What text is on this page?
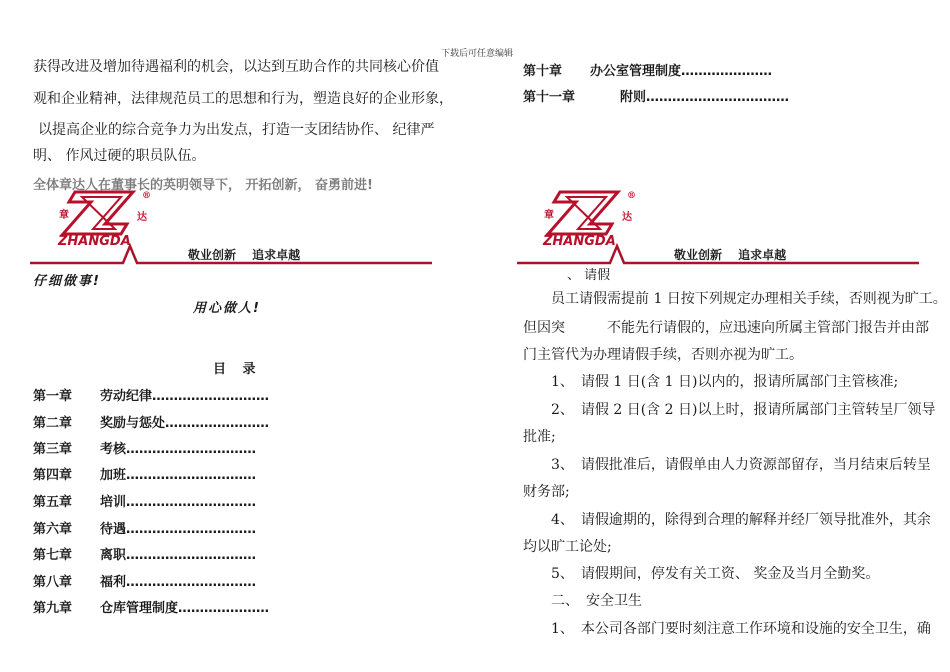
下载后可任意编辑
获得改进及增加待遇福利的机会，以达到互助合作的共同核心价值
观和企业精神，法律规范员工的思想和行为，塑造良好的企业形象，
以提高企业的综合竞争力为出发点，打造一支团结协作、 纪律严
明、 作风过硬的职员队伍。
全体章达人在董事长的英明领导下， 开拓创新， 奋勇前进!
章	达
®
ZHANGDA
敬业创新　 追求卓越
仔细做事!
用心做人!
目 录
第一章 劳动纪律………………………
第二章 奖励与惩处……………………
第三章 考核…………………………
第四章 加班…………………………
第五章 培训…………………………
第六章 待遇…………………………
第七章 离职…………………………
第八章 福利…………………………
第九章 仓库管理制度…………………
第十章 办公室管理制度…………………
第十一章	附则……………………………
章	达
®
ZHANGDA
敬业创新　 追求卓越
、 请假
员工请假需提前 1 日按下列规定办理相关手续，否则视为旷工。
但因突　　　不能先行请假的，应迅速向所属主管部门报告并由部
门主管代为办理请假手续，否则亦视为旷工。
1、　请假 1 日(含 1 日)以内的，报请所属部门主管核准;
2、　请假 2 日(含 2 日)以上时，报请所属部门主管转呈厂领导
批准;
3、　请假批准后，请假单由人力资源部留存，当月结束后转呈
财务部;
4、　请假逾期的，除得到合理的解释并经厂领导批准外，其余
均以旷工论处;
5、　请假期间，停发有关工资、 奖金及当月全勤奖。
二、　安全卫生
1、　本公司各部门要时刻注意工作环境和设施的安全卫生，确
